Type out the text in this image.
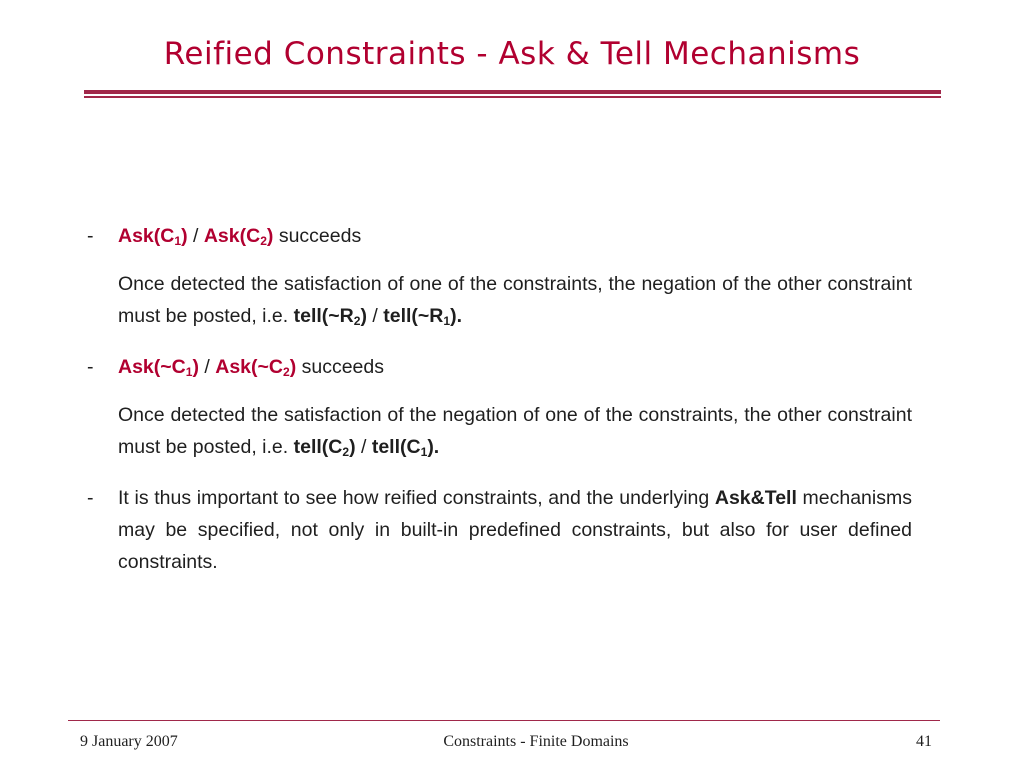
Reified Constraints - Ask & Tell Mechanisms
-	$Ask(C_1) / Ask(C_2)$ succeeds
Once detected the satisfaction of one of the constraints, the negation of the other constraint must be posted, i.e. $tell(\sim R_2)$ / $tell(\sim R_1)$.
-	$Ask(\sim C_1)$ / $Ask(\sim C_2)$ succeeds
Once detected the satisfaction of the negation of one of the constraints, the other constraint must be posted, i.e. $tell(C_2)$ / $tell(C_1)$.
-	It is thus important to see how reified constraints, and the underlying Ask&Tell mechanisms may be specified, not only in built-in predefined constraints, but also for user defined constraints.
9 January 2007	Constraints - Finite Domains	41
